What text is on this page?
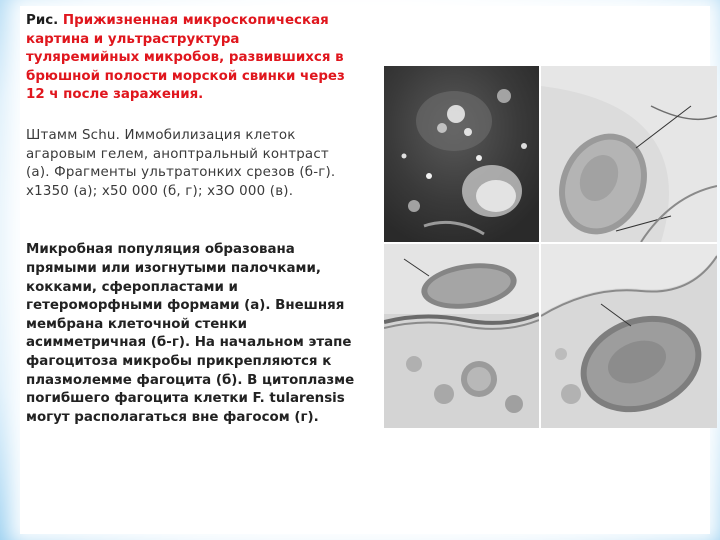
Рис. Прижизненная микроскопическая картина и ультраструктура туляремийных микробов, развившихся в брюшной полости морской свинки через 12 ч после заражения.

Штамм Schu. Иммобилизация клеток агаровым гелем, аноптральный контраст (а). Фрагменты ультратонких срезов (б-г). х1350 (а); х50 000 (б, г); х3О 000 (в).

Микробная популяция образована прямыми или изогнутыми палочками, кокками, сферопластами и гетероморфными формами (а). Внешняя мембрана клеточной стенки асимметричная (б-г). На начальном этапе фагоцитоза микробы прикрепляются к плазмолемме фагоцита (б). В цитоплазме погибшего фагоцита клетки F. tularensis могут располагаться вне фагосом (г).
